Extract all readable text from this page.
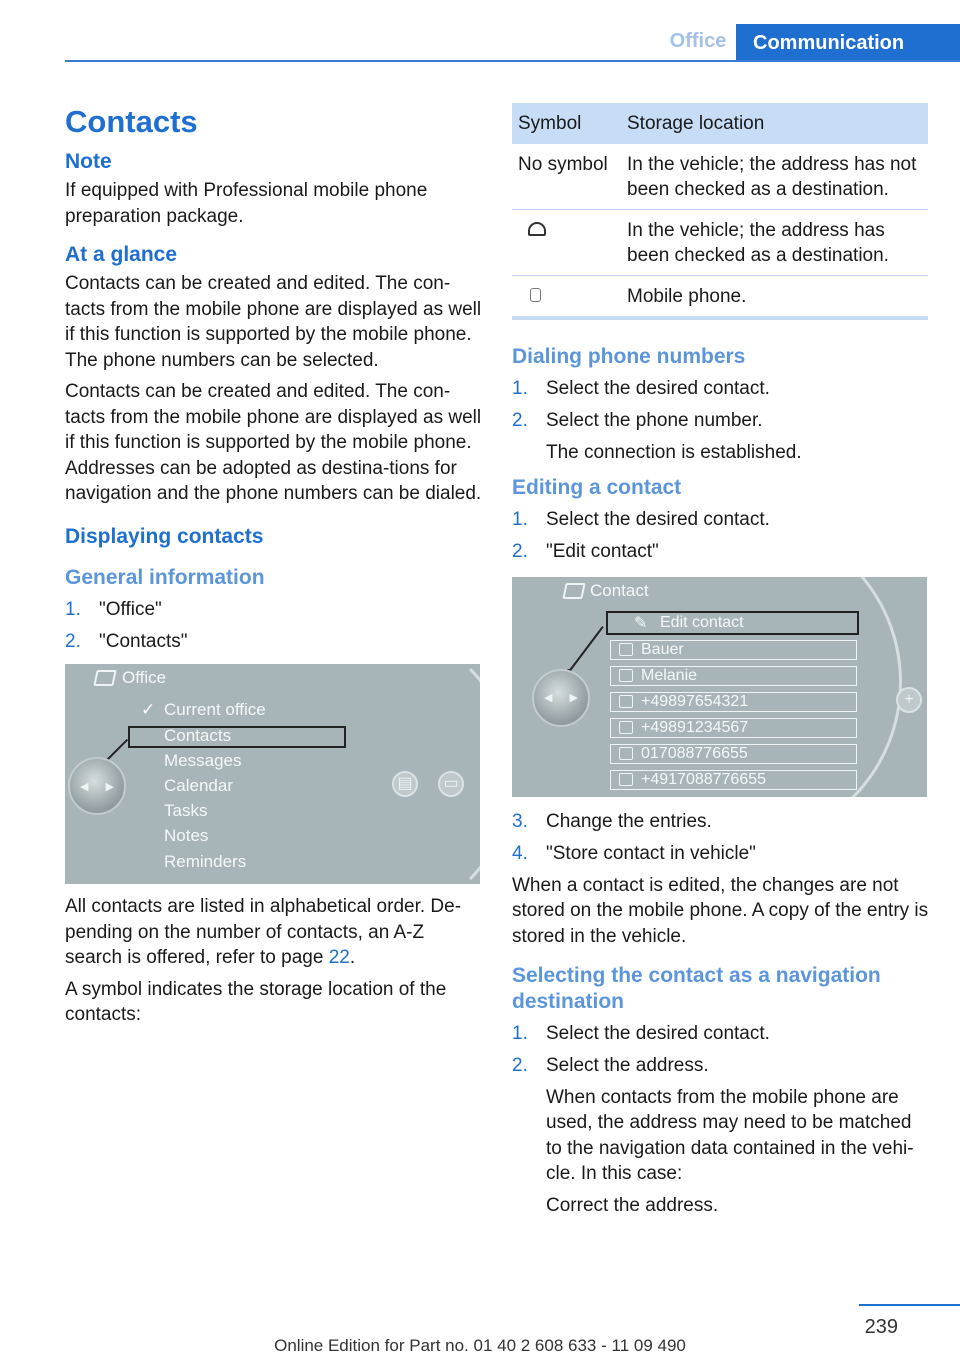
Office	Communication
Contacts
Note

If equipped with Professional mobile phone preparation package.

At a glance

Contacts can be created and edited. The con-tacts from the mobile phone are displayed as well if this function is supported by the mobile phone. The phone numbers can be selected.

Contacts can be created and edited. The con-tacts from the mobile phone are displayed as well if this function is supported by the mobile phone. Addresses can be adopted as destina-tions for navigation and the phone numbers can be dialed.

Displaying contacts
General information
1. "Office"
2. "Contacts"
Office
✓ Current office
Contacts
Messages
Calendar
Tasks
Notes
Reminders
◀ ▶	▤	▭

All contacts are listed in alphabetical order. De-pending on the number of contacts, an A-Z search is offered, refer to page 22.

A symbol indicates the storage location of the contacts:

Symbol	Storage location
No symbol	In the vehicle; the address has not been checked as a destination.
	In the vehicle; the address has been checked as a destination.
	Mobile phone.
Dialing phone numbers
1. Select the desired contact.
2. Select the phone number.
The connection is established.
Editing a contact
1. Select the desired contact.
2. "Edit contact"
Contact
✎ Edit contact
Bauer
Melanie
+49897654321
+49891234567
017088776655
+4917088776655
◀ ▶	+
3. Change the entries.
4. "Store contact in vehicle"

When a contact is edited, the changes are not stored on the mobile phone. A copy of the entry is stored in the vehicle.

Selecting the contact as a navigation destination
1. Select the desired contact.
2. Select the address.
When contacts from the mobile phone are used, the address may need to be matched to the navigation data contained in the vehi-cle. In this case:
Correct the address.
239
Online Edition for Part no. 01 40 2 608 633 - 11 09 490
